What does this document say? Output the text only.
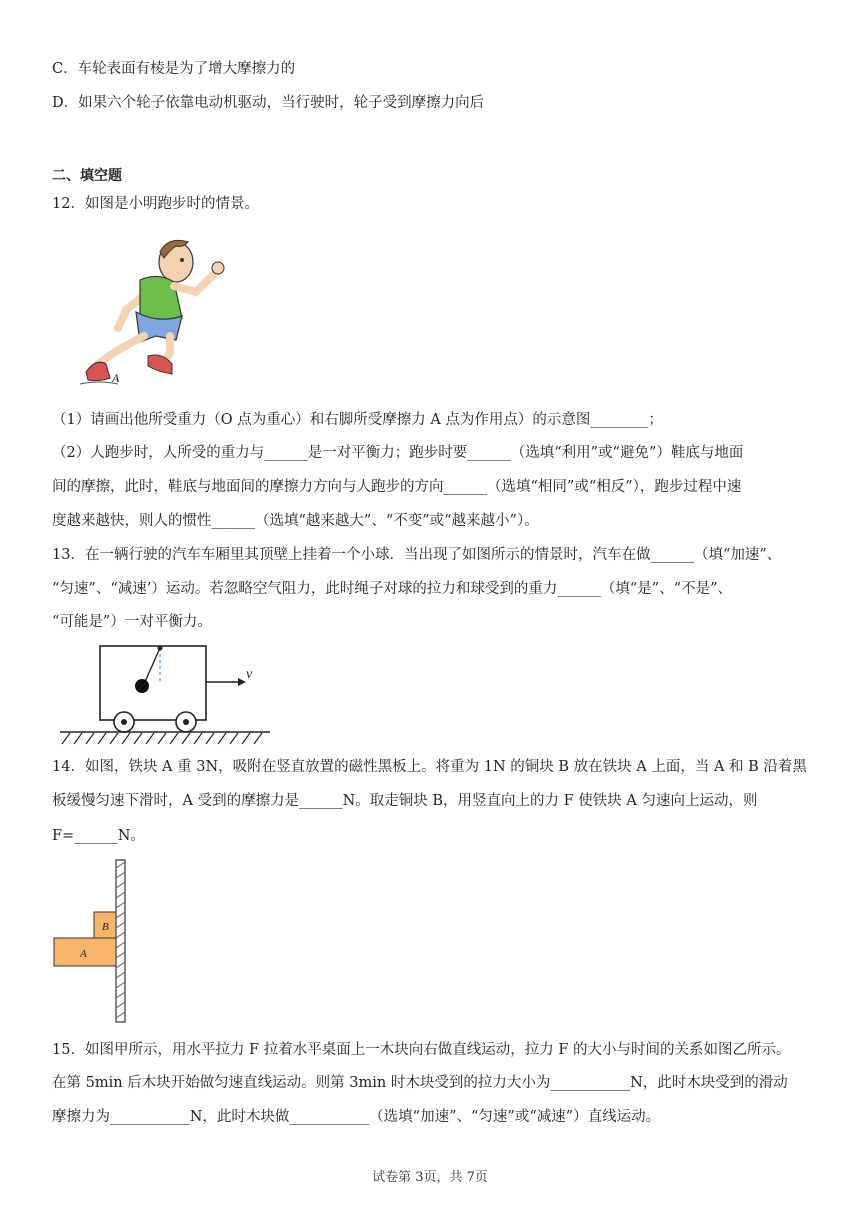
C．车轮表面有棱是为了增大摩擦力的
D．如果六个轮子依靠电动机驱动，当行驶时，轮子受到摩擦力向后
二、填空题
12．如图是小明跑步时的情景。
A
（1）请画出他所受重力（O 点为重心）和右脚所受摩擦力 A 点为作用点）的示意图________；
（2）人跑步时，人所受的重力与______是一对平衡力；跑步时要______（选填“利用”或“避免”）鞋底与地面
间的摩擦，此时，鞋底与地面间的摩擦力方向与人跑步的方向______（选填“相同”或“相反”），跑步过程中速
度越来越快，则人的惯性______（选填“越来越大”、“不变”或“越来越小”）。
13．在一辆行驶的汽车车厢里其顶壁上挂着一个小球．当出现了如图所示的情景时，汽车在做______（填“加速”、
“匀速”、“减速’）运动。若忽略空气阻力，此时绳子对球的拉力和球受到的重力______（填“是”、“不是”、
“可能是”）一对平衡力。
v
14．如图，铁块 A 重 3N，吸附在竖直放置的磁性黑板上。将重为 1N 的铜块 B 放在铁块 A 上面，当 A 和 B 沿着黑
板缓慢匀速下滑时，A 受到的摩擦力是______N。取走铜块 B，用竖直向上的力 F 使铁块 A 匀速向上运动，则
F=______N。
B
A
15．如图甲所示，用水平拉力 F 拉着水平桌面上一木块向右做直线运动，拉力 F 的大小与时间的关系如图乙所示。
在第 5min 后木块开始做匀速直线运动。则第 3min 时木块受到的拉力大小为___________N，此时木块受到的滑动
摩擦力为___________N，此时木块做___________（选填“加速”、“匀速”或“减速”）直线运动。
试卷第 3页，共 7页
